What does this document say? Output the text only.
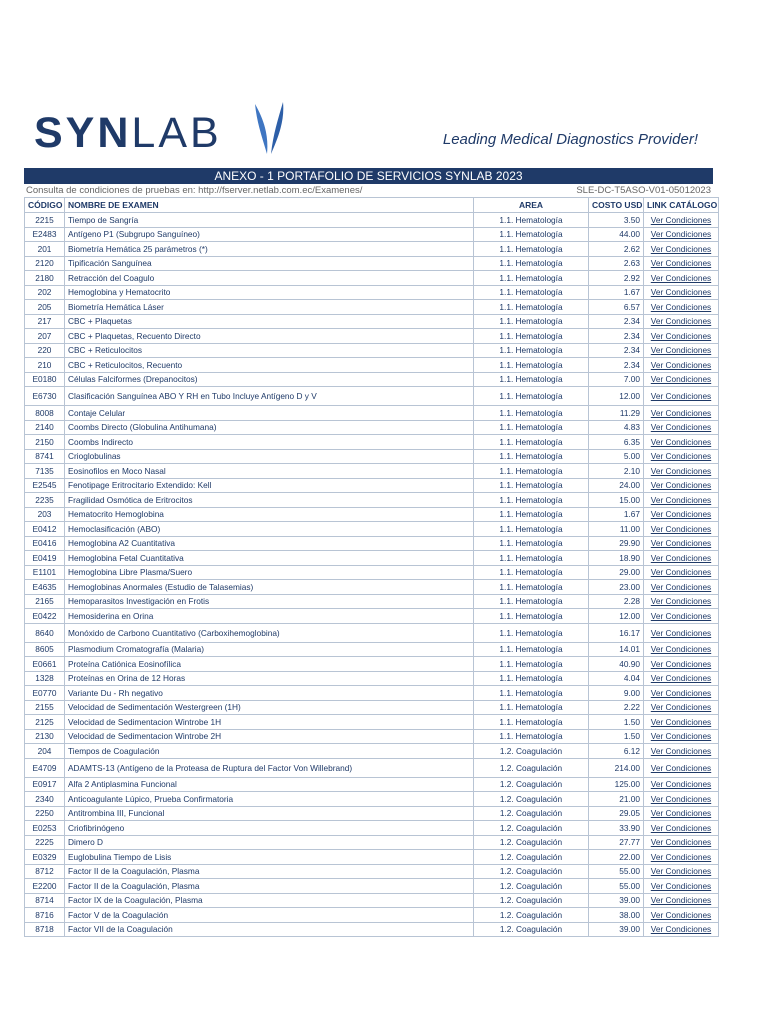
SYNLAB	Leading Medical Diagnostics Provider!
ANEXO - 1 PORTAFOLIO DE SERVICIOS SYNLAB 2023
Consulta de condiciones de pruebas en: http://fserver.netlab.com.ec/Examenes/	SLE-DC-T5ASO-V01-05012023
CÓDIGO	NOMBRE DE EXAMEN	AREA	COSTO USD	LINK CATÁLOGO
2215	Tiempo de Sangría	1.1. Hematología	3.50	Ver Condiciones
E2483	Antígeno P1 (Subgrupo Sanguíneo)	1.1. Hematología	44.00	Ver Condiciones
201	Biometría Hemática 25 parámetros (*)	1.1. Hematología	2.62	Ver Condiciones
2120	Tipificación Sanguínea	1.1. Hematología	2.63	Ver Condiciones
2180	Retracción del Coagulo	1.1. Hematología	2.92	Ver Condiciones
202	Hemoglobina y Hematocrito	1.1. Hematología	1.67	Ver Condiciones
205	Biometría Hemática Láser	1.1. Hematología	6.57	Ver Condiciones
217	CBC + Plaquetas	1.1. Hematología	2.34	Ver Condiciones
207	CBC + Plaquetas, Recuento Directo	1.1. Hematología	2.34	Ver Condiciones
220	CBC + Reticulocitos	1.1. Hematología	2.34	Ver Condiciones
210	CBC + Reticulocitos, Recuento	1.1. Hematología	2.34	Ver Condiciones
E0180	Células Falciformes (Drepanocitos)	1.1. Hematología	7.00	Ver Condiciones
E6730	Clasificación Sanguínea ABO Y RH en Tubo Incluye Antígeno D y V	1.1. Hematología	12.00	Ver Condiciones
8008	Contaje Celular	1.1. Hematología	11.29	Ver Condiciones
2140	Coombs Directo (Globulina Antihumana)	1.1. Hematología	4.83	Ver Condiciones
2150	Coombs Indirecto	1.1. Hematología	6.35	Ver Condiciones
8741	Crioglobulinas	1.1. Hematología	5.00	Ver Condiciones
7135	Eosinofilos en Moco Nasal	1.1. Hematología	2.10	Ver Condiciones
E2545	Fenotipage Eritrocitario Extendido: Kell	1.1. Hematología	24.00	Ver Condiciones
2235	Fragilidad Osmótica de Eritrocitos	1.1. Hematología	15.00	Ver Condiciones
203	Hematocrito Hemoglobina	1.1. Hematología	1.67	Ver Condiciones
E0412	Hemoclasificación (ABO)	1.1. Hematología	11.00	Ver Condiciones
E0416	Hemoglobina A2 Cuantitativa	1.1. Hematología	29.90	Ver Condiciones
E0419	Hemoglobina Fetal Cuantitativa	1.1. Hematología	18.90	Ver Condiciones
E1101	Hemoglobina Libre Plasma/Suero	1.1. Hematología	29.00	Ver Condiciones
E4635	Hemoglobinas Anormales (Estudio de Talasemias)	1.1. Hematología	23.00	Ver Condiciones
2165	Hemoparasitos Investigación en Frotis	1.1. Hematología	2.28	Ver Condiciones
E0422	Hemosiderina en Orina	1.1. Hematología	12.00	Ver Condiciones
8640	Monóxido de Carbono Cuantitativo (Carboxihemoglobina)	1.1. Hematología	16.17	Ver Condiciones
8605	Plasmodium Cromatografía (Malaria)	1.1. Hematología	14.01	Ver Condiciones
E0661	Proteína Catiónica Eosinofílica	1.1. Hematología	40.90	Ver Condiciones
1328	Proteínas en Orina de 12 Horas	1.1. Hematología	4.04	Ver Condiciones
E0770	Variante Du - Rh negativo	1.1. Hematología	9.00	Ver Condiciones
2155	Velocidad de Sedimentación Westergreen (1H)	1.1. Hematología	2.22	Ver Condiciones
2125	Velocidad de Sedimentacion Wintrobe 1H	1.1. Hematología	1.50	Ver Condiciones
2130	Velocidad de Sedimentacion Wintrobe 2H	1.1. Hematología	1.50	Ver Condiciones
204	Tiempos de Coagulación	1.2. Coagulación	6.12	Ver Condiciones
E4709	ADAMTS-13 (Antígeno de la Proteasa de Ruptura del Factor Von Willebrand)	1.2. Coagulación	214.00	Ver Condiciones
E0917	Alfa 2 Antiplasmina Funcional	1.2. Coagulación	125.00	Ver Condiciones
2340	Anticoagulante Lúpico, Prueba Confirmatoria	1.2. Coagulación	21.00	Ver Condiciones
2250	Antitrombina III, Funcional	1.2. Coagulación	29.05	Ver Condiciones
E0253	Criofibrinógeno	1.2. Coagulación	33.90	Ver Condiciones
2225	Dimero D	1.2. Coagulación	27.77	Ver Condiciones
E0329	Euglobulina Tiempo de Lisis	1.2. Coagulación	22.00	Ver Condiciones
8712	Factor II de la Coagulación, Plasma	1.2. Coagulación	55.00	Ver Condiciones
E2200	Factor II de la Coagulación, Plasma	1.2. Coagulación	55.00	Ver Condiciones
8714	Factor IX de la Coagulación, Plasma	1.2. Coagulación	39.00	Ver Condiciones
8716	Factor V de la Coagulación	1.2. Coagulación	38.00	Ver Condiciones
8718	Factor VII de la Coagulación	1.2. Coagulación	39.00	Ver Condiciones
